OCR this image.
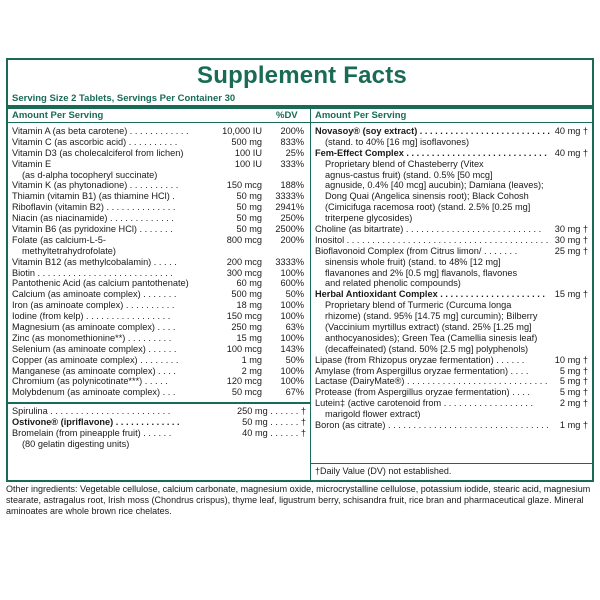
Supplement Facts
Serving Size 2 Tablets, Servings Per Container 30
Amount Per Serving	%DV Amount Per Serving
Vitamin A (as beta carotene) . . . . . . . . . . . .	10,000 IU 200%
Vitamin C (as ascorbic acid) . . . . . . . . . .	500 mg 833%
Vitamin D3 (as cholecalciferol from lichen)	100 IU	25%
Vitamin E	100 IU 333%
(as d-alpha tocopheryl succinate)
Vitamin K (as phytonadione) . . . . . . . . . .	150 mcg 188%
Thiamin (vitamin B1) (as thiamine HCl) .	50 mg 3333%
Riboflavin (vitamin B2) . . . . . . . . . . . . . .	50 mg 2941%
Niacin (as niacinamide) . . . . . . . . . . . . .	50 mg 250%
Vitamin B6 (as pyridoxine HCl) . . . . . . .	50 mg 2500%
Folate (as calcium-L-5-	800 mcg 200%
methyltetrahydrofolate)
Vitamin B12 (as methylcobalamin) . . . . .	200 mcg 3333%
Biotin . . . . . . . . . . . . . . . . . . . . . . . . . . .	300 mcg 100%
Pantothenic Acid (as calcium pantothenate)	60 mg 600%
Calcium (as aminoate complex) . . . . . . .	500 mg	50%
Iron (as aminoate complex) . . . . . . . . . .	18 mg 100%
Iodine (from kelp) . . . . . . . . . . . . . . . . .	150 mcg 100%
Magnesium (as aminoate complex) . . . .	250 mg	63%
Zinc (as monomethionine**) . . . . . . . . .	15 mg 100%
Selenium (as aminoate complex) . . . . . .	100 mcg 143%
Copper (as aminoate complex) . . . . . . . .	1 mg	50%
Manganese (as aminoate complex) . . . .	2 mg 100%
Chromium (as polynicotinate***) . . . . .	120 mcg 100%
Molybdenum (as aminoate complex) . . .	50 mcg	67%
Spirulina . . . . . . . . . . . . . . . . . . . . . . . .	250 mg . . . . . . †
Ostivone® (ipriflavone) . . . . . . . . . . . . .	50 mg . . . . . . †
Bromelain (from pineapple fruit) . . . . . .	40 mg . . . . . . †
(80 gelatin digesting units)
Novasoy® (soy extract) . . . . . . . . . . . . . . . . . . . . . . . . . . 40 mg †
(stand. to 40% [16 mg] isoflavones)
Fem-Effect Complex . . . . . . . . . . . . . . . . . . . . . . . . . . . . 40 mg †
Proprietary blend of Chasteberry (Vitex
agnus-castus fruit) (stand. 0.5% [50 mcg]
agnuside, 0.4% [40 mcg] aucubin); Damiana (leaves);
Dong Quai (Angelica sinensis root); Black Cohosh
(Cimicifuga racemosa root) (stand. 2.5% [0.25 mg]
triterpene glycosides)
Choline (as bitartrate) . . . . . . . . . . . . . . . . . . . . . . . . . . . 30 mg †
Inositol . . . . . . . . . . . . . . . . . . . . . . . . . . . . . . . . . . . . . . . . 30 mg †
Bioflavonoid Complex (from Citrus limon/ . . . . . . .	25 mg †
sinensis whole fruit) (stand. to 48% [12 mg]
flavanones and 2% [0.5 mg] flavanols, flavones
and related phenolic compounds)
Herbal Antioxidant Complex . . . . . . . . . . . . . . . . . . . . . 15 mg †
Proprietary blend of Turmeric (Curcuma longa
rhizome) (stand. 95% [14.75 mg] curcumin); Bilberry
(Vaccinium myrtillus extract) (stand. 25% [1.25 mg]
anthocyanosides); Green Tea (Camellia sinesis leaf)
(decaffeinated) (stand. 50% [2.5 mg] polyphenols)
Lipase (from Rhizopus oryzae fermentation) . . . . . .	10 mg †
Amylase (from Aspergillus oryzae fermentation) . . . .	5 mg †
Lactase (DairyMate®) . . . . . . . . . . . . . . . . . . . . . . . . . . . . 5 mg †
Protease (from Aspergillus oryzae fermentation) . . . .	5 mg †
Lutein‡ (active carotenoid from . . . . . . . . . . . . . . . . . .	2 mg †
marigold flower extract)
Boron (as citrate) . . . . . . . . . . . . . . . . . . . . . . . . . . . . . . . . 1 mg †
†Daily Value (DV) not established.
Other ingredients: Vegetable cellulose, calcium carbonate, magnesium oxide, microcrystalline cellulose, potassium iodide, stearic acid, magnesium stearate, astragalus root, Irish moss (Chondrus crispus), thyme leaf, ligustrum berry, schisandra fruit, rice bran and pharmaceutical glaze. Mineral aminoates are whole brown rice chelates.
